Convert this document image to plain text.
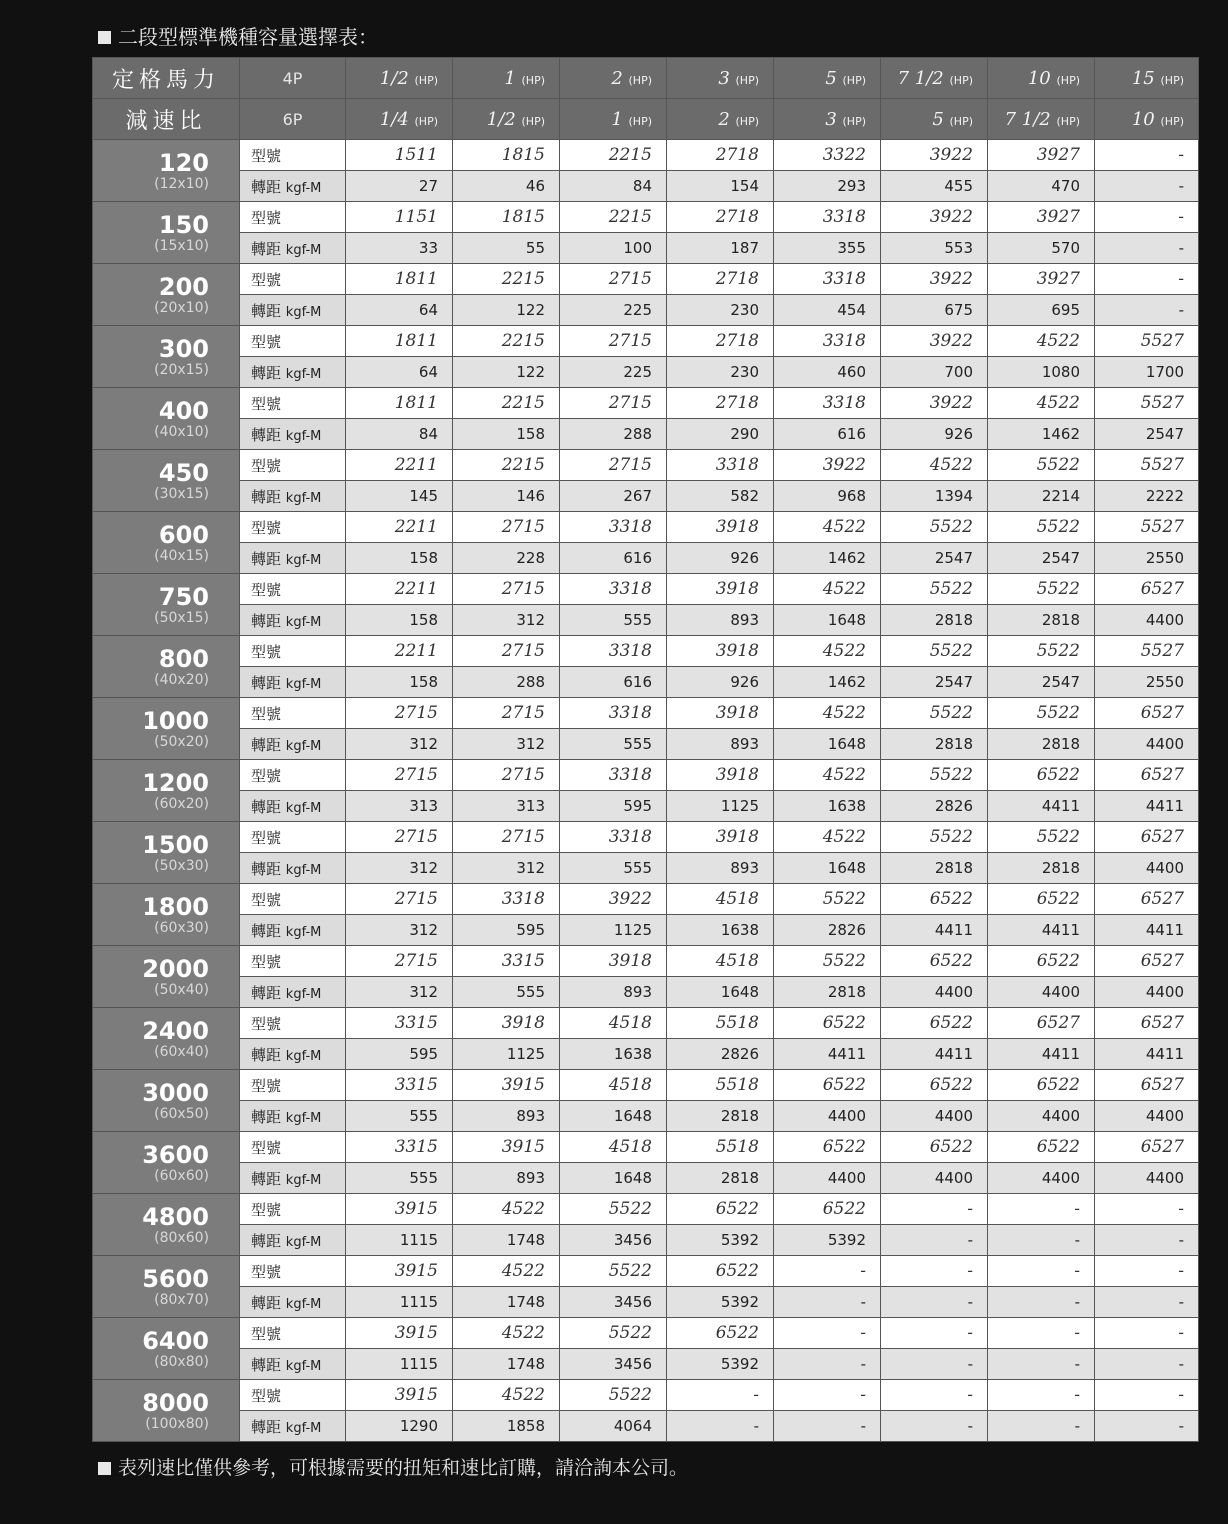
二段型標準機種容量選擇表：
定格馬力	4P	1/2 (HP)	1 (HP)	2 (HP)	3 (HP)	5 (HP)	7 1/2 (HP)	10 (HP)	15 (HP)
減速比	6P	1/4 (HP)	1/2 (HP)	1 (HP)	2 (HP)	3 (HP)	5 (HP)	7 1/2 (HP)	10 (HP)

120
(12x10)	型號	1511	1815	2215	2718	3322	3922	3927	-
	轉距 kgf-M	27	46	84	154	293	455	470	-

150
(15x10)	型號	1151	1815	2215	2718	3318	3922	3927	-
	轉距 kgf-M	33	55	100	187	355	553	570	-

200
(20x10)	型號	1811	2215	2715	2718	3318	3922	3927	-
	轉距 kgf-M	64	122	225	230	454	675	695	-

300
(20x15)	型號	1811	2215	2715	2718	3318	3922	4522	5527
	轉距 kgf-M	64	122	225	230	460	700	1080	1700

400
(40x10)	型號	1811	2215	2715	2718	3318	3922	4522	5527
	轉距 kgf-M	84	158	288	290	616	926	1462	2547

450
(30x15)	型號	2211	2215	2715	3318	3922	4522	5522	5527
	轉距 kgf-M	145	146	267	582	968	1394	2214	2222

600
(40x15)	型號	2211	2715	3318	3918	4522	5522	5522	5527
	轉距 kgf-M	158	228	616	926	1462	2547	2547	2550

750
(50x15)	型號	2211	2715	3318	3918	4522	5522	5522	6527
	轉距 kgf-M	158	312	555	893	1648	2818	2818	4400

800
(40x20)	型號	2211	2715	3318	3918	4522	5522	5522	5527
	轉距 kgf-M	158	288	616	926	1462	2547	2547	2550

1000
(50x20)	型號	2715	2715	3318	3918	4522	5522	5522	6527
	轉距 kgf-M	312	312	555	893	1648	2818	2818	4400

1200
(60x20)	型號	2715	2715	3318	3918	4522	5522	6522	6527
	轉距 kgf-M	313	313	595	1125	1638	2826	4411	4411

1500
(50x30)	型號	2715	2715	3318	3918	4522	5522	5522	6527
	轉距 kgf-M	312	312	555	893	1648	2818	2818	4400

1800
(60x30)	型號	2715	3318	3922	4518	5522	6522	6522	6527
	轉距 kgf-M	312	595	1125	1638	2826	4411	4411	4411

2000
(50x40)	型號	2715	3315	3918	4518	5522	6522	6522	6527
	轉距 kgf-M	312	555	893	1648	2818	4400	4400	4400

2400
(60x40)	型號	3315	3918	4518	5518	6522	6522	6527	6527
	轉距 kgf-M	595	1125	1638	2826	4411	4411	4411	4411

3000
(60x50)	型號	3315	3915	4518	5518	6522	6522	6522	6527
	轉距 kgf-M	555	893	1648	2818	4400	4400	4400	4400

3600
(60x60)	型號	3315	3915	4518	5518	6522	6522	6522	6527
	轉距 kgf-M	555	893	1648	2818	4400	4400	4400	4400

4800
(80x60)	型號	3915	4522	5522	6522	6522	-	-	-
	轉距 kgf-M	1115	1748	3456	5392	5392	-	-	-

5600
(80x70)	型號	3915	4522	5522	6522	-	-	-	-
	轉距 kgf-M	1115	1748	3456	5392	-	-	-	-

6400
(80x80)	型號	3915	4522	5522	6522	-	-	-	-
	轉距 kgf-M	1115	1748	3456	5392	-	-	-	-

8000
(100x80)	型號	3915	4522	5522	-	-	-	-	-
	轉距 kgf-M	1290	1858	4064	-	-	-	-	-
表列速比僅供參考，可根據需要的扭矩和速比訂購，請洽詢本公司。
